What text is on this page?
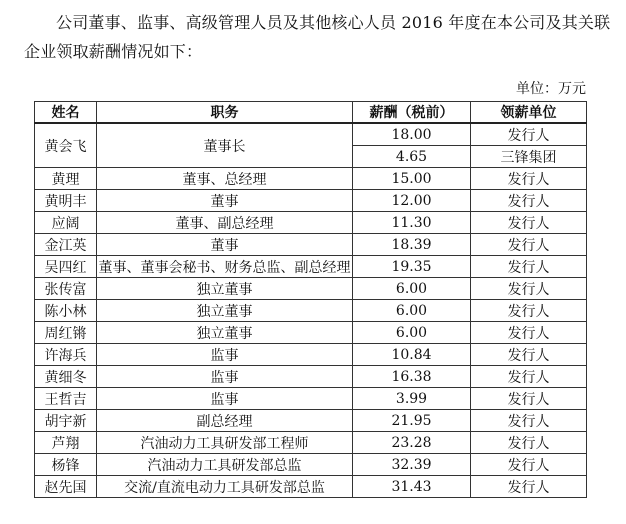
公司董事、监事、高级管理人员及其他核心人员 2016 年度在本公司及其关联企业领取薪酬情况如下：

单位：万元
姓名	职务	薪酬（税前）	领薪单位
黄会飞	董事长	18.00	发行人
		4.65	三锋集团
黄理	董事、总经理	15.00	发行人
黄明丰	董事	12.00	发行人
应阔	董事、副总经理	11.30	发行人
金江英	董事	18.39	发行人
吴四红	董事、董事会秘书、财务总监、副总经理	19.35	发行人
张传富	独立董事	6.00	发行人
陈小林	独立董事	6.00	发行人
周红锵	独立董事	6.00	发行人
许海兵	监事	10.84	发行人
黄细冬	监事	16.38	发行人
王哲吉	监事	3.99	发行人
胡宇新	副总经理	21.95	发行人
芦翔	汽油动力工具研发部工程师	23.28	发行人
杨锋	汽油动力工具研发部总监	32.39	发行人
赵先国	交流/直流电动力工具研发部总监	31.43	发行人
